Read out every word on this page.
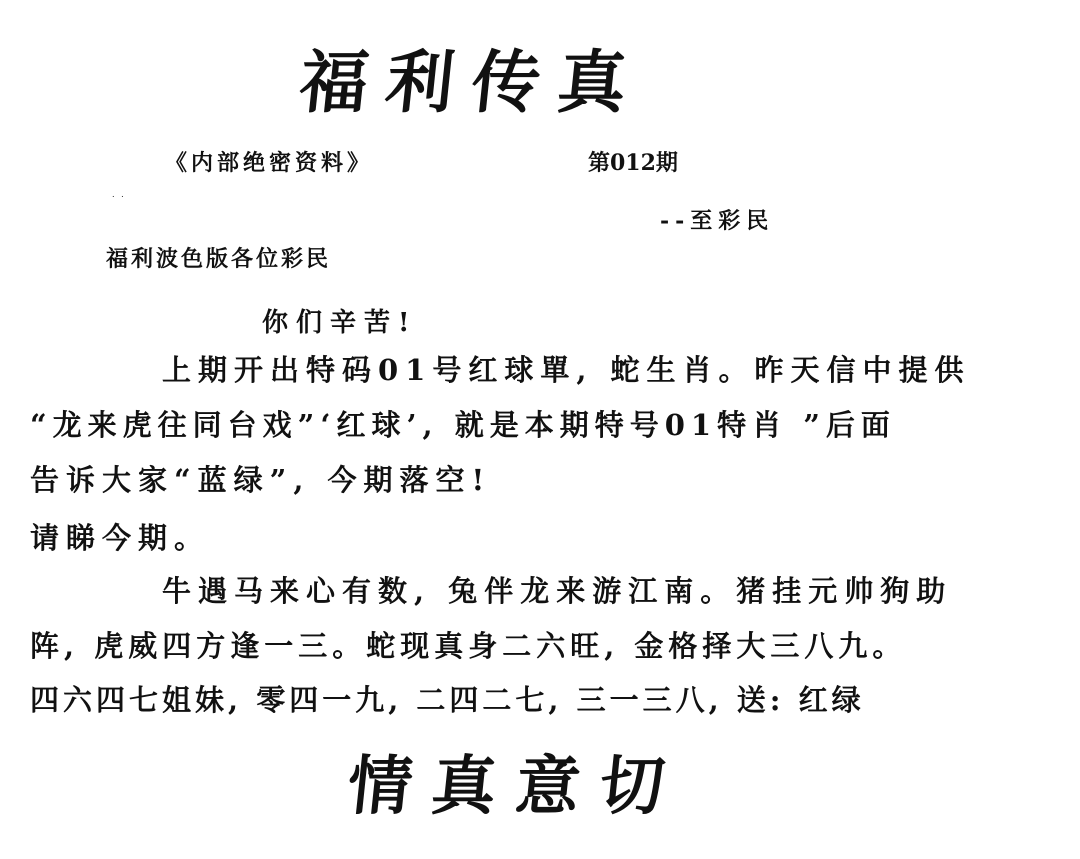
福利传真
《内部绝密资料》	第012期
. .
--至彩民
福利波色版各位彩民
你们辛苦!
上期开出特码01号红球單, 蛇生肖。昨天信中提供
“龙来虎往同台戏”‘红球’, 就是本期特号01特肖 ”后面
告诉大家“蓝绿”, 今期落空!
请睇今期。
牛遇马来心有数, 兔伴龙来游江南。猪挂元帅狗助
阵, 虎威四方逢一三。蛇现真身二六旺, 金格择大三八九。
四六四七姐妹, 零四一九, 二四二七, 三一三八, 送: 红绿
情真意切
